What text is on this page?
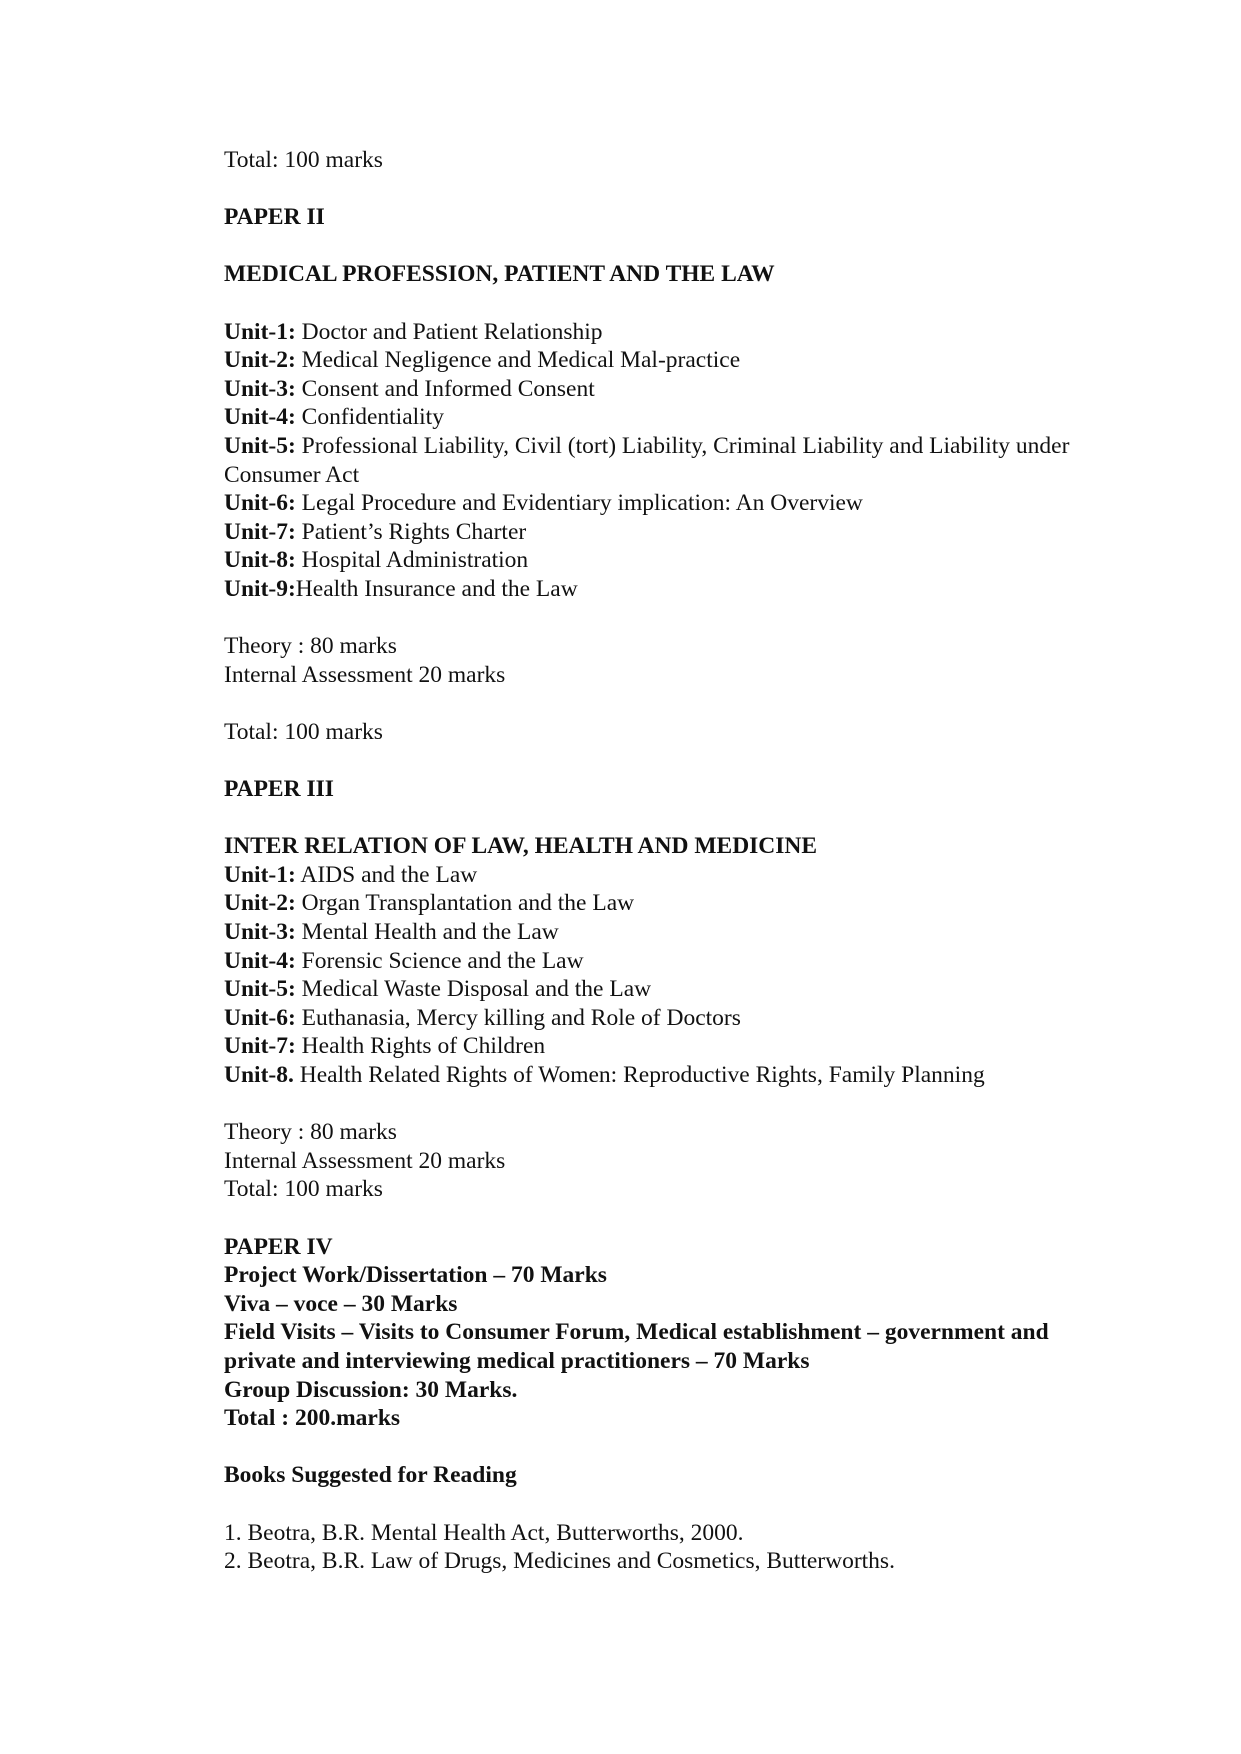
Total: 100 marks

PAPER II

MEDICAL PROFESSION, PATIENT AND THE LAW

Unit-1: Doctor and Patient Relationship

Unit-2: Medical Negligence and Medical Mal-practice

Unit-3: Consent and Informed Consent

Unit-4: Confidentiality

Unit-5: Professional Liability, Civil (tort) Liability, Criminal Liability and Liability under Consumer Act

Unit-6: Legal Procedure and Evidentiary implication: An Overview

Unit-7: Patient’s Rights Charter

Unit-8: Hospital Administration

Unit-9:Health Insurance and the Law

Theory : 80 marks

Internal Assessment 20 marks

Total: 100 marks

PAPER III

INTER RELATION OF LAW, HEALTH AND MEDICINE

Unit-1: AIDS and the Law

Unit-2: Organ Transplantation and the Law

Unit-3: Mental Health and the Law

Unit-4: Forensic Science and the Law

Unit-5: Medical Waste Disposal and the Law

Unit-6: Euthanasia, Mercy killing and Role of Doctors

Unit-7: Health Rights of Children

Unit-8. Health Related Rights of Women: Reproductive Rights, Family Planning

Theory : 80 marks

Internal Assessment 20 marks

Total: 100 marks

PAPER IV

Project Work/Dissertation – 70 Marks

Viva – voce – 30 Marks

Field Visits – Visits to Consumer Forum, Medical establishment – government and private and interviewing medical practitioners – 70 Marks

Group Discussion: 30 Marks.

Total : 200.marks

Books Suggested for Reading

1. Beotra, B.R. Mental Health Act, Butterworths, 2000.

2. Beotra, B.R. Law of Drugs, Medicines and Cosmetics, Butterworths.
